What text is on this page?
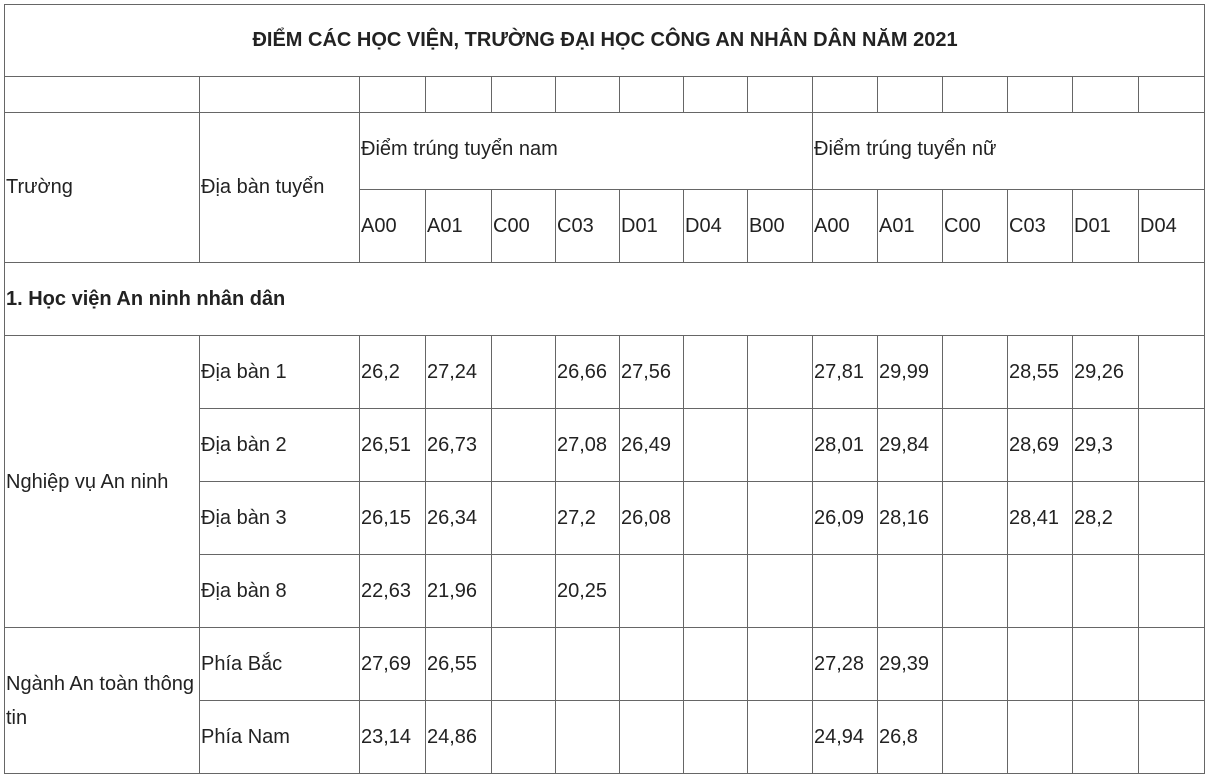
ĐIỂM CÁC HỌC VIỆN, TRƯỜNG ĐẠI HỌC CÔNG AN NHÂN DÂN NĂM 2021														

Trường	Địa bàn tuyển	Điểm trúng tuyển nam							Điểm trúng tuyển nữ					
		A00	A01	C00	C03	D01	D04	B00	A00	A01	C00	C03	D01	D04
1. Học viện An ninh nhân dân														
Nghiệp vụ An ninh	Địa bàn 1	26,2	27,24		26,66	27,56			27,81	29,99		28,55	29,26	
	Địa bàn 2	26,51	26,73		27,08	26,49			28,01	29,84		28,69	29,3	
	Địa bàn 3	26,15	26,34		27,2	26,08			26,09	28,16		28,41	28,2	
	Địa bàn 8	22,63	21,96		20,25									
Ngành An toàn thông tin	Phía Bắc	27,69	26,55						27,28	29,39				
	Phía Nam	23,14	24,86						24,94	26,8				
